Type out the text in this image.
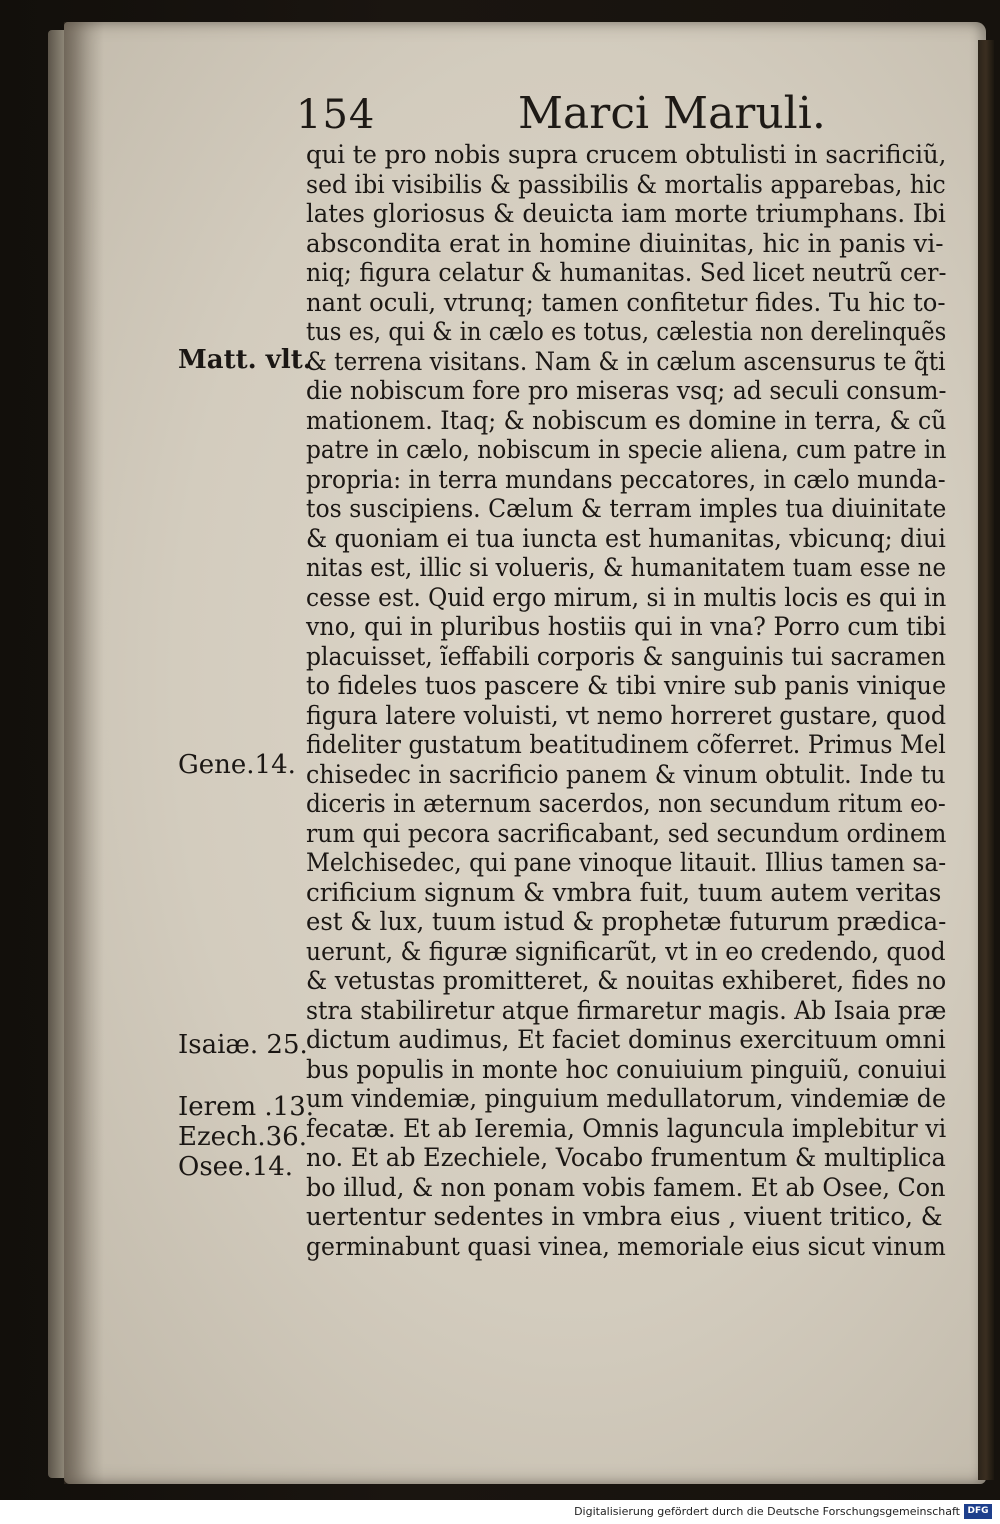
154	Marci Maruli.
Matt. vlt.
Gene.14.
Isaiæ. 25.
Ierem .13.
Ezech.36.
Osee.14.
qui te pro nobis supra crucem obtulisti in sacrificiũ,
sed ibi visibilis & passibilis & mortalis apparebas, hic
lates gloriosus & deuicta iam morte triumphans. Ibi
abscondita erat in homine diuinitas, hic in panis vi-
niq; figura celatur & humanitas. Sed licet neutrũ cer-
nant oculi, vtrunq; tamen confitetur fides. Tu hic to-
tus es, qui & in cælo es totus, cælestia non derelinquẽs
& terrena visitans. Nam & in cælum ascensurus te q̃ti
die nobiscum fore pro miseras vsq; ad seculi consum-
mationem. Itaq; & nobiscum es domine in terra, & cũ
patre in cælo, nobiscum in specie aliena, cum patre in
propria: in terra mundans peccatores, in cælo munda-
tos suscipiens. Cælum & terram imples tua diuinitate
& quoniam ei tua iuncta est humanitas, vbicunq; diui
nitas est, illic si volueris, & humanitatem tuam esse ne
cesse est. Quid ergo mirum, si in multis locis es qui in
vno, qui in pluribus hostiis qui in vna? Porro cum tibi
placuisset, ĩeffabili corporis & sanguinis tui sacramen
to fideles tuos pascere & tibi vnire sub panis vinique
figura latere voluisti, vt nemo horreret gustare, quod
fideliter gustatum beatitudinem cõferret. Primus Mel
chisedec in sacrificio panem & vinum obtulit. Inde tu
diceris in æternum sacerdos, non secundum ritum eo-
rum qui pecora sacrificabant, sed secundum ordinem
Melchisedec, qui pane vinoque litauit. Illius tamen sa-
crificium signum & vmbra fuit, tuum autem veritas
est & lux, tuum istud & prophetæ futurum prædica-
uerunt, & figuræ significarũt, vt in eo credendo, quod
& vetustas promitteret, & nouitas exhiberet, fides no
stra stabiliretur atque firmaretur magis. Ab Isaia præ
dictum audimus, Et faciet dominus exercituum omni
bus populis in monte hoc conuiuium pinguiũ, conuiui
um vindemiæ, pinguium medullatorum, vindemiæ de
fecatæ. Et ab Ieremia, Omnis laguncula implebitur vi
no. Et ab Ezechiele, Vocabo frumentum & multiplica
bo illud, & non ponam vobis famem. Et ab Osee, Con
uertentur sedentes in vmbra eius , viuent tritico, &
germinabunt quasi vinea, memoriale eius sicut vinum
Digitalisierung gefördert durch die Deutsche Forschungsgemeinschaft DFG
